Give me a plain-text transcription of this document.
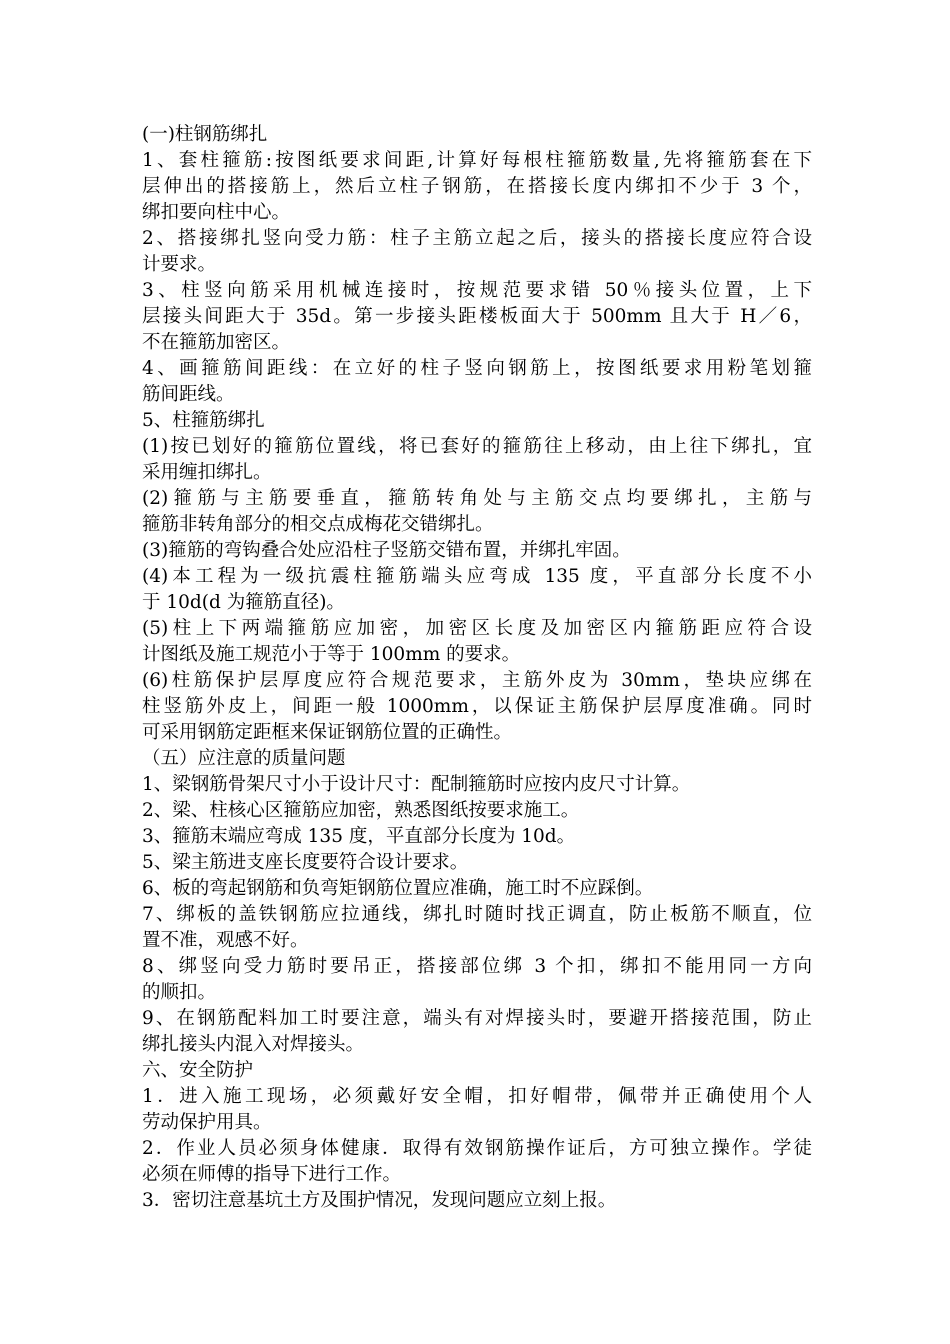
(一)柱钢筋绑扎
1、套柱箍筋:按图纸要求间距,计算好每根柱箍筋数量,先将箍筋套在下
层伸出的搭接筋上，然后立柱子钢筋，在搭接长度内绑扣不少于 3 个，
绑扣要向柱中心。
2、搭接绑扎竖向受力筋：柱子主筋立起之后，接头的搭接长度应符合设
计要求。
3、柱竖向筋采用机械连接时，按规范要求错 50％接头位置，上下
层接头间距大于 35d。第一步接头距楼板面大于 500mm 且大于 H／6，
不在箍筋加密区。
4、画箍筋间距线：在立好的柱子竖向钢筋上，按图纸要求用粉笔划箍
筋间距线。
5、柱箍筋绑扎
(1)按已划好的箍筋位置线，将已套好的箍筋往上移动，由上往下绑扎，宜
采用缠扣绑扎。
(2)箍筋与主筋要垂直，箍筋转角处与主筋交点均要绑扎，主筋与
箍筋非转角部分的相交点成梅花交错绑扎。
(3)箍筋的弯钩叠合处应沿柱子竖筋交错布置，并绑扎牢固。
(4)本工程为一级抗震柱箍筋端头应弯成 135 度，平直部分长度不小
于 10d(d 为箍筋直径)。
(5)柱上下两端箍筋应加密，加密区长度及加密区内箍筋距应符合设
计图纸及施工规范小于等于 100mm 的要求。
(6)柱筋保护层厚度应符合规范要求，主筋外皮为 30mm，垫块应绑在
柱竖筋外皮上，间距一般 1000mm，以保证主筋保护层厚度准确。同时
可采用钢筋定距框来保证钢筋位置的正确性。
（五）应注意的质量问题
1、梁钢筋骨架尺寸小于设计尺寸：配制箍筋时应按内皮尺寸计算。
2、梁、柱核心区箍筋应加密，熟悉图纸按要求施工。
3、箍筋末端应弯成 135 度，平直部分长度为 10d。
5、梁主筋进支座长度要符合设计要求。
6、板的弯起钢筋和负弯矩钢筋位置应准确，施工时不应踩倒。
7、绑板的盖铁钢筋应拉通线，绑扎时随时找正调直，防止板筋不顺直，位
置不准，观感不好。
8、绑竖向受力筋时要吊正，搭接部位绑 3 个扣，绑扣不能用同一方向
的顺扣。
9、在钢筋配料加工时要注意，端头有对焊接头时，要避开搭接范围，防止
绑扎接头内混入对焊接头。
六、安全防护
1．进入施工现场，必须戴好安全帽，扣好帽带，佩带并正确使用个人
劳动保护用具。
2．作业人员必须身体健康．取得有效钢筋操作证后，方可独立操作。学徒
必须在师傅的指导下进行工作。
3．密切注意基坑土方及围护情况，发现问题应立刻上报。
